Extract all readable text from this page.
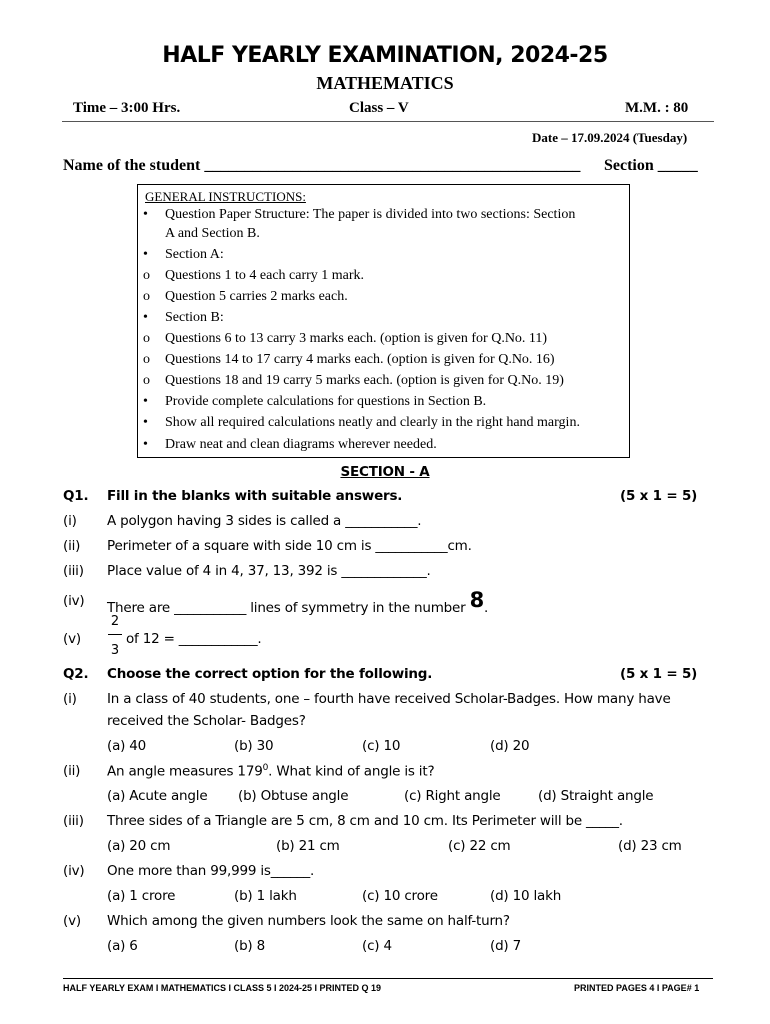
HALF YEARLY EXAMINATION, 2024-25
MATHEMATICS
Time – 3:00 Hrs.	Class – V	M.M. : 80
Date – 17.09.2024 (Tuesday)
Name of the student _______________________________________________ Section _____
GENERAL INSTRUCTIONS:
• Question Paper Structure: The paper is divided into two sections: Section
A and Section B.
• Section A:
o Questions 1 to 4 each carry 1 mark.
o Question 5 carries 2 marks each.
• Section B:
o Questions 6 to 13 carry 3 marks each. (option is given for Q.No. 11)
o Questions 14 to 17 carry 4 marks each. (option is given for Q.No. 16)
o Questions 18 and 19 carry 5 marks each. (option is given for Q.No. 19)
• Provide complete calculations for questions in Section B.
• Show all required calculations neatly and clearly in the right hand margin.
• Draw neat and clean diagrams wherever needed.
SECTION - A
Q1. Fill in the blanks with suitable answers.	(5 x 1 = 5)
(i) A polygon having 3 sides is called a ___________.
(ii) Perimeter of a square with side 10 cm is ___________cm.
(iii) Place value of 4 in 4, 37, 13, 392 is _____________.
(iv) There are ___________ lines of symmetry in the number 8.
(v)
2
3
of 12 = ____________.
Q2. Choose the correct option for the following.	(5 x 1 = 5)
(i) In a class of 40 students, one – fourth have received Scholar-Badges. How many have
received the Scholar- Badges?
(a) 40	(b) 30	(c) 10	(d) 20
(ii) An angle measures $179^0$. What kind of angle is it?
(a) Acute angle (b) Obtuse angle	(c) Right angle	(d) Straight angle
(iii) Three sides of a Triangle are 5 cm, 8 cm and 10 cm. Its Perimeter will be _____.
(a) 20 cm	(b) 21 cm	(c) 22 cm	(d) 23 cm
(iv) One more than 99,999 is______.
(a) 1 crore	(b) 1 lakh	(c) 10 crore	(d) 10 lakh
(v) Which among the given numbers look the same on half-turn?
(a) 6	(b) 8	(c) 4	(d) 7
HALF YEARLY EXAM I MATHEMATICS I CLASS 5 I 2024-25 I PRINTED Q 19	PRINTED PAGES 4 I PAGE# 1
